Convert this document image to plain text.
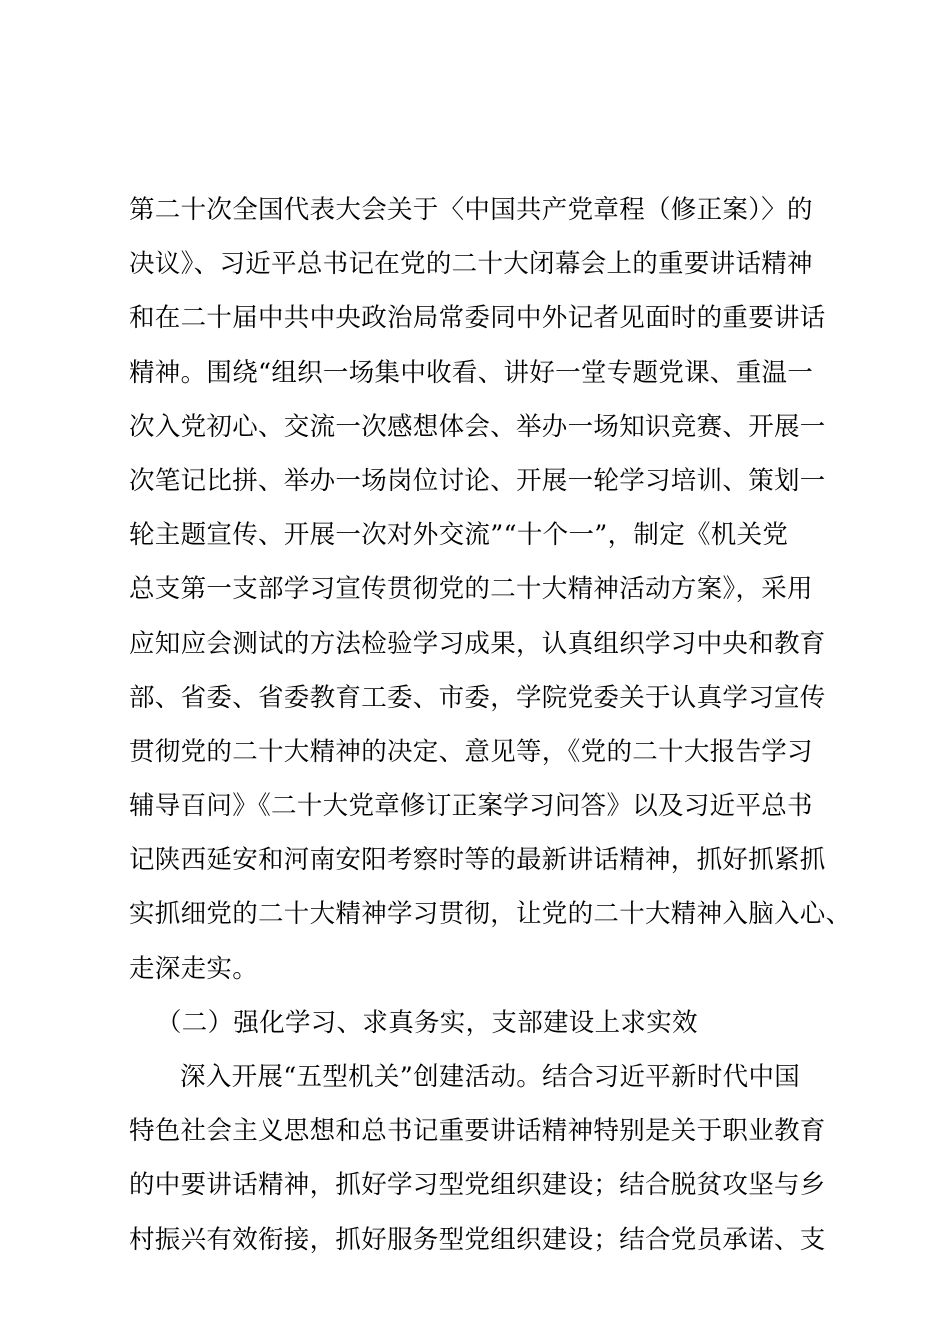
第二十次全国代表大会关于〈中国共产党章程（修正案）〉的
决议》、习近平总书记在党的二十大闭幕会上的重要讲话精神
和在二十届中共中央政治局常委同中外记者见面时的重要讲话
精神。围绕“组织一场集中收看、讲好一堂专题党课、重温一
次入党初心、交流一次感想体会、举办一场知识竞赛、开展一
次笔记比拼、举办一场岗位讨论、开展一轮学习培训、策划一
轮主题宣传、开展一次对外交流”“十个一”，制定《机关党
总支第一支部学习宣传贯彻党的二十大精神活动方案》，采用
应知应会测试的方法检验学习成果，认真组织学习中央和教育
部、省委、省委教育工委、市委，学院党委关于认真学习宣传
贯彻党的二十大精神的决定、意见等，《党的二十大报告学习
辅导百问》《二十大党章修订正案学习问答》以及习近平总书
记陕西延安和河南安阳考察时等的最新讲话精神，抓好抓紧抓
实抓细党的二十大精神学习贯彻，让党的二十大精神入脑入心、
走深走实。
（二）强化学习、求真务实，支部建设上求实效
深入开展“五型机关”创建活动。结合习近平新时代中国
特色社会主义思想和总书记重要讲话精神特别是关于职业教育
的中要讲话精神，抓好学习型党组织建设；结合脱贫攻坚与乡
村振兴有效衔接，抓好服务型党组织建设；结合党员承诺、支
